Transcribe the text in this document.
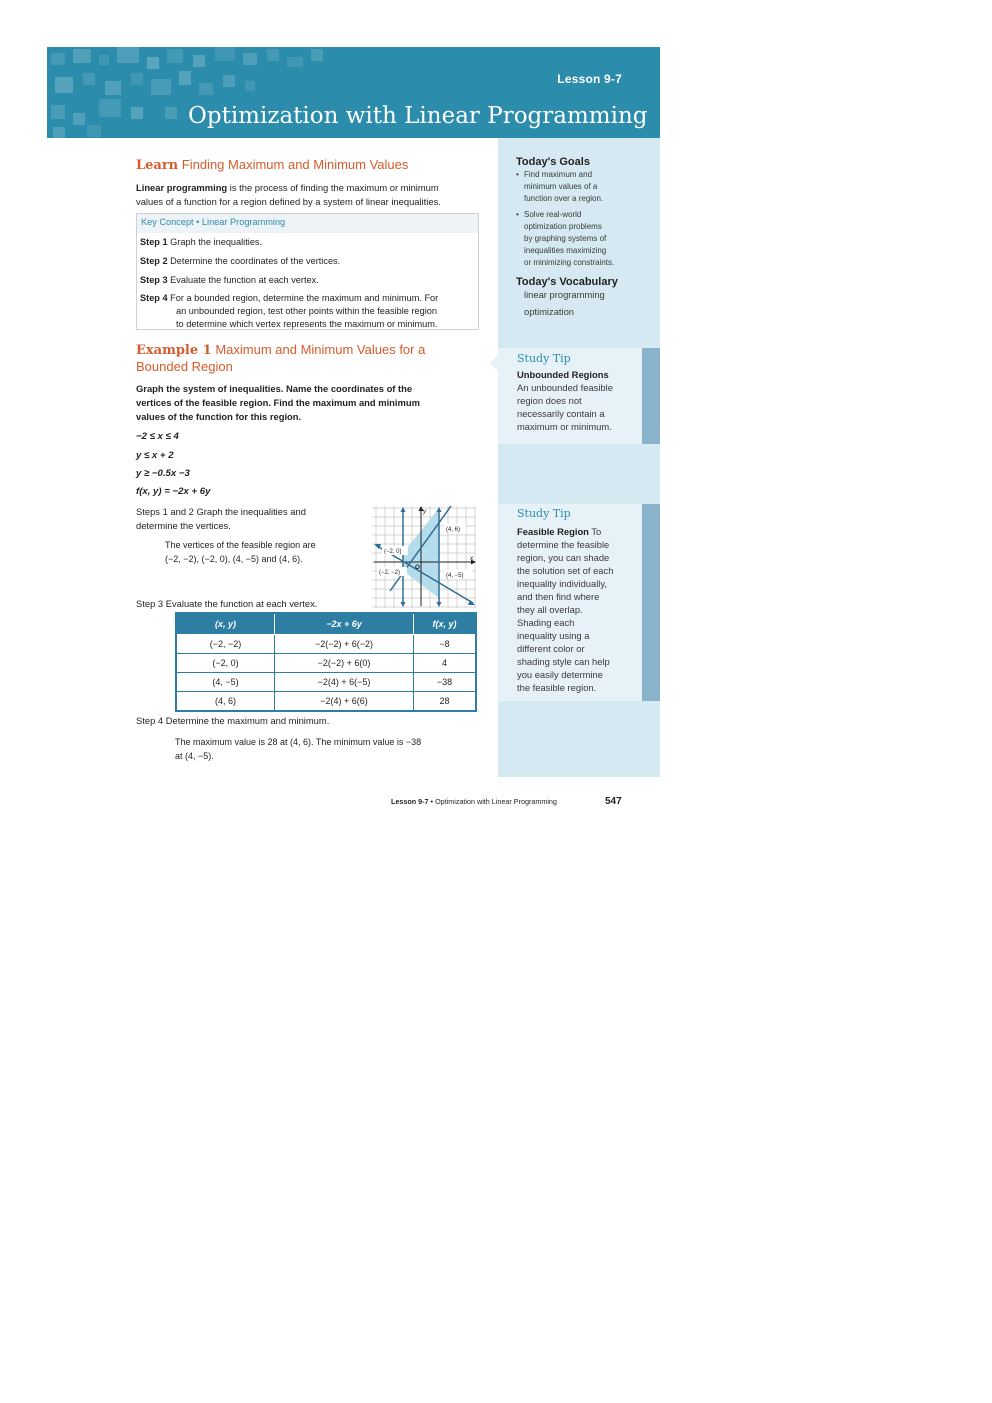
Lesson 9-7
Optimization with Linear Programming
Today's Goals
• Find maximum and
minimum values of a
function over a region.
• Solve real-world
optimization problems
by graphing systems of
inequalities maximizing
or minimizing constraints.
Today's Vocabulary
linear programming
optimization
Study Tip
Unbounded Regions
An unbounded feasible
region does not
necessarily contain a
maximum or minimum.
Study Tip
Feasible Region To
determine the feasible
region, you can shade
the solution set of each
inequality individually,
and then find where
they all overlap.
Shading each
inequality using a
different color or
shading style can help
you easily determine
the feasible region.
Learn Finding Maximum and Minimum Values
Linear programming is the process of finding the maximum or minimum
values of a function for a region defined by a system of linear inequalities.
Key Concept • Linear Programming
Step 1 Graph the inequalities.
Step 2 Determine the coordinates of the vertices.
Step 3 Evaluate the function at each vertex.
Step 4 For a bounded region, determine the maximum and minimum. For
an unbounded region, test other points within the feasible region
to determine which vertex represents the maximum or minimum.
Example 1 Maximum and Minimum Values for a
Bounded Region
Graph the system of inequalities. Name the coordinates of the
vertices of the feasible region. Find the maximum and minimum
values of the function for this region.
−2 ≤ x ≤ 4
y ≤ x + 2
y ≥ −0.5x −3
f(x, y) = −2x + 6y
Steps 1 and 2 Graph the inequalities and
determine the vertices.
The vertices of the feasible region are
(−2, −2), (−2, 0), (4, −5) and (4, 6).
y
x
O
(4, 6)
(−2, 0)
(−2, −2)	(4, −5)
Step 3 Evaluate the function at each vertex.
(x, y)	−2x + 6y	f(x, y)
(−2, −2)	−2(−2) + 6(−2)	−8
(−2, 0)	−2(−2) + 6(0)	4
(4, −5)	−2(4) + 6(−5)	−38
(4, 6)	−2(4) + 6(6)	28
Step 4 Determine the maximum and minimum.
The maximum value is 28 at (4, 6). The minimum value is −38
at (4, −5).
Lesson 9-7 • Optimization with Linear Programming	547
